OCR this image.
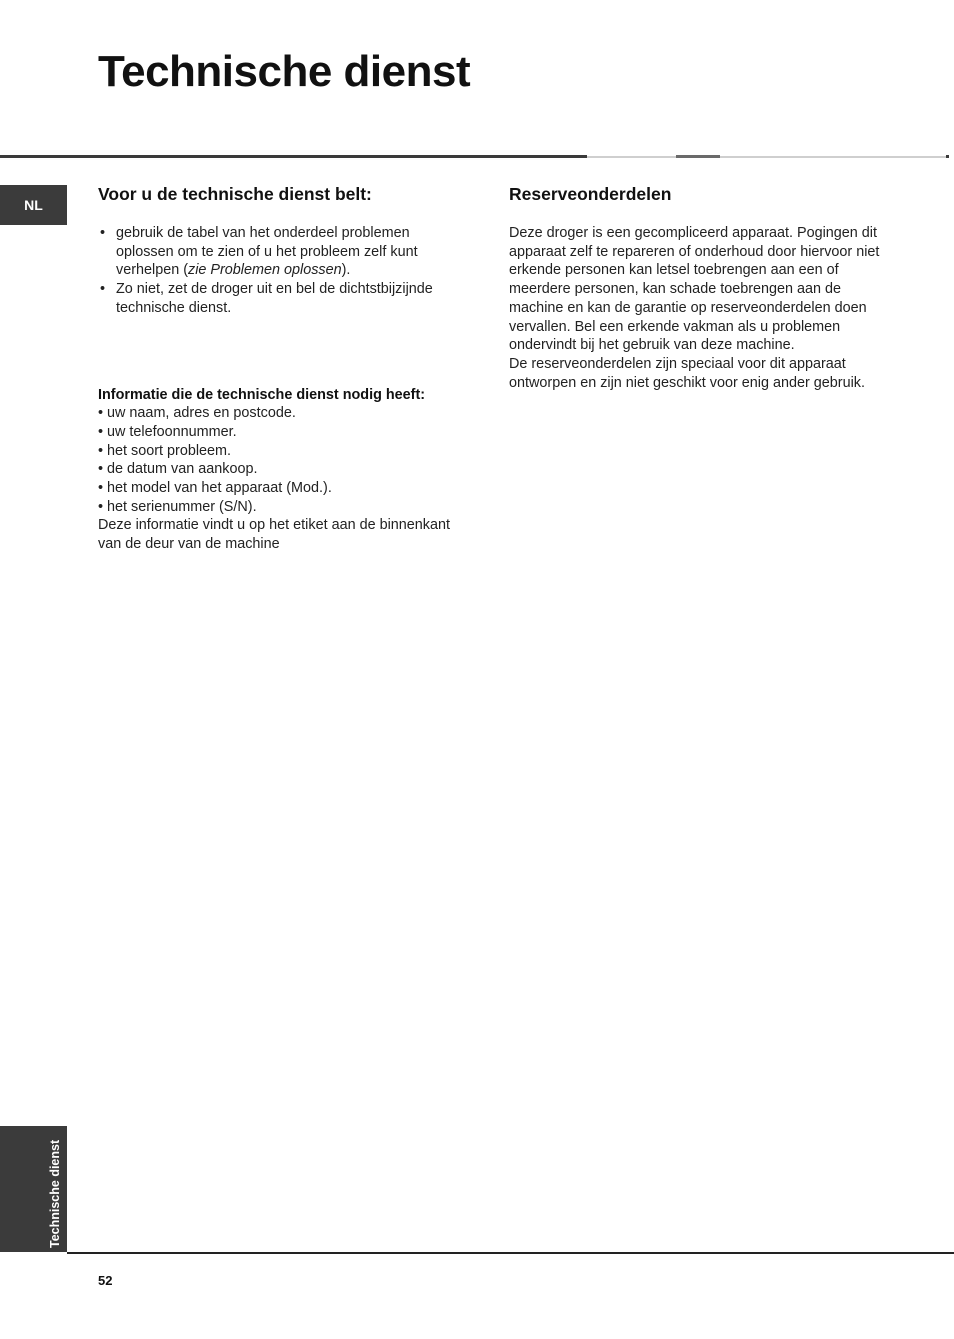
Technische dienst
NL
Voor u de technische dienst belt:
• gebruik de tabel van het onderdeel problemen oplossen om te zien of u het probleem zelf kunt verhelpen (zie Problemen oplossen).
• Zo niet, zet de droger uit en bel de dichtstbijzijnde technische dienst.
Informatie die de technische dienst nodig heeft:
• uw naam, adres en postcode.
• uw telefoonnummer.
• het soort probleem.
• de datum van aankoop.
• het model van het apparaat (Mod.).
• het serienummer (S/N).

Deze informatie vindt u op het etiket aan de binnenkant van de deur van de machine

Reserveonderdelen

Deze droger is een gecompliceerd apparaat. Pogingen dit apparaat zelf te repareren of onderhoud door hiervoor niet erkende personen kan letsel toebrengen aan een of meerdere personen, kan schade toebrengen aan de machine en kan de garantie op reserveonderdelen doen vervallen. Bel een erkende vakman als u problemen ondervindt bij het gebruik van deze machine.

De reserveonderdelen zijn speciaal voor dit apparaat ontworpen en zijn niet geschikt voor enig ander gebruik.

Technische dienst
52
